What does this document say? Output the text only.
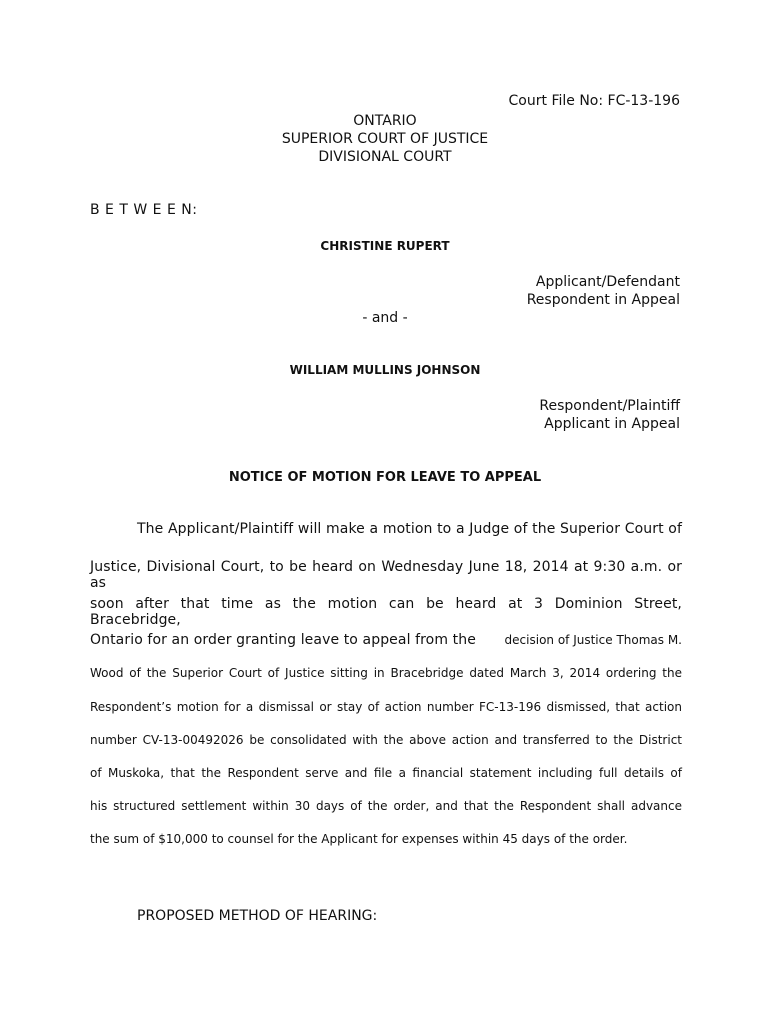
Court File No: FC-13-196
ONTARIO
SUPERIOR COURT OF JUSTICE
DIVISIONAL COURT
B E T W E E N:
CHRISTINE RUPERT
Applicant/Defendant
Respondent in Appeal
- and -
WILLIAM MULLINS JOHNSON
Respondent/Plaintiff
Applicant in Appeal
NOTICE OF MOTION FOR LEAVE TO APPEAL
The Applicant/Plaintiff will make a motion to a Judge of the Superior Court of
Justice, Divisional Court, to be heard on Wednesday June 18, 2014 at 9:30 a.m. or as
soon after that time as the motion can be heard at 3 Dominion Street, Bracebridge,
Ontario for an order granting leave to appeal from the decision of Justice Thomas M.
Wood of the Superior Court of Justice sitting in Bracebridge dated March 3, 2014 ordering the
Respondent’s motion for a dismissal or stay of action number FC-13-196 dismissed, that action
number CV-13-00492026 be consolidated with the above action and transferred to the District
of Muskoka, that the Respondent serve and file a financial statement including full details of
his structured settlement within 30 days of the order, and that the Respondent shall advance
the sum of $10,000 to counsel for the Applicant for expenses within 45 days of the order.
PROPOSED METHOD OF HEARING:
